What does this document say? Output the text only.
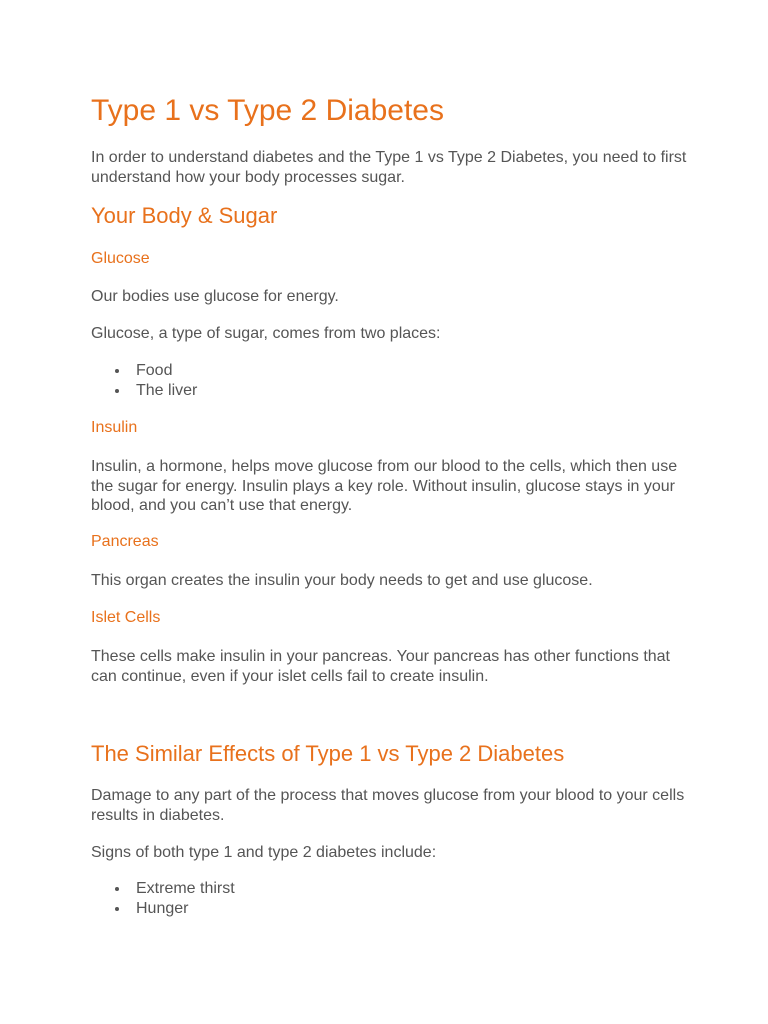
Type 1 vs Type 2 Diabetes

In order to understand diabetes and the Type 1 vs Type 2 Diabetes, you need to first understand how your body processes sugar.

Your Body & Sugar
Glucose

Our bodies use glucose for energy.

Glucose, a type of sugar, comes from two places:

Food
The liver
Insulin

Insulin, a hormone, helps move glucose from our blood to the cells, which then use the sugar for energy. Insulin plays a key role. Without insulin, glucose stays in your blood, and you can’t use that energy.

Pancreas

This organ creates the insulin your body needs to get and use glucose.

Islet Cells

These cells make insulin in your pancreas. Your pancreas has other functions that can continue, even if your islet cells fail to create insulin.

The Similar Effects of Type 1 vs Type 2 Diabetes

Damage to any part of the process that moves glucose from your blood to your cells results in diabetes.

Signs of both type 1 and type 2 diabetes include:

Extreme thirst
Hunger
